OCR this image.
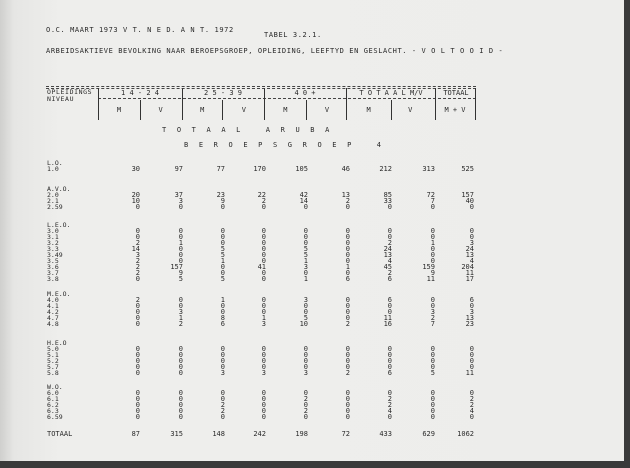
O.C. MAART 1973 V T. N E D. A N T. 1972
TABEL 3.2.1.
ARBEIDSAKTIEVE BEVOLKING NAAR BEROEPSGROEP, OPLEIDING, LEEFTYD EN GESLACHT. - V O L T O O I D -
OPLEIDINGS NIVEAU
1 4 - 2 4	2 5 - 3 9	4 0 +	T O T A A L M/V	TOTAAL
M	V	M	V	M	V	M	V	M + V
T O T A A L   A R U B A
B E R O E P S G R O E P   4
L.O.
1.0	30	97	77	170	105	46	212	313	525
A.V.O.
2.0	20	37	23	22	42	13	85	72	157
2.1	10	3	9	2	14	2	33	7	40
2.59	0	0	0	0	0	0	0	0	0
L.E.O.
3.0	0	0	0	0	0	0	0	0	0
3.1	0	0	0	0	0	0	0	0	0
3.2	2	1	0	0	0	0	2	1	3
3.3	14	0	5	0	5	0	24	0	24
3.49	3	0	5	0	5	0	13	0	13
3.5	2	0	1	0	1	0	4	0	4
3.6	2	157	0	41	3	1	45	159	204
3.7	2	9	0	0	0	0	2	9	11
3.8	0	5	5	0	1	6	6	11	17
M.E.O.
4.0	2	0	1	0	3	0	6	0	6
4.1	0	0	0	0	0	0	0	0	0
4.2	0	3	0	0	0	0	0	3	3
4.7	0	1	8	1	5	0	11	2	13
4.8	0	2	6	3	10	2	16	7	23
H.E.O
5.0	0	0	0	0	0	0	0	0	0
5.1	0	0	0	0	0	0	0	0	0
5.2	0	0	0	0	0	0	0	0	0
5.7	0	0	0	0	0	0	0	0	0
5.8	0	0	3	3	3	2	6	5	11
W.O.
6.0	0	0	0	0	0	0	0	0	0
6.1	0	0	0	0	2	0	2	0	2
6.2	0	0	2	0	0	0	2	0	2
6.3	0	0	2	0	2	0	4	0	4
6.59	0	0	0	0	0	0	0	0	0
TOTAAL	87	315	148	242	198	72	433	629	1062
